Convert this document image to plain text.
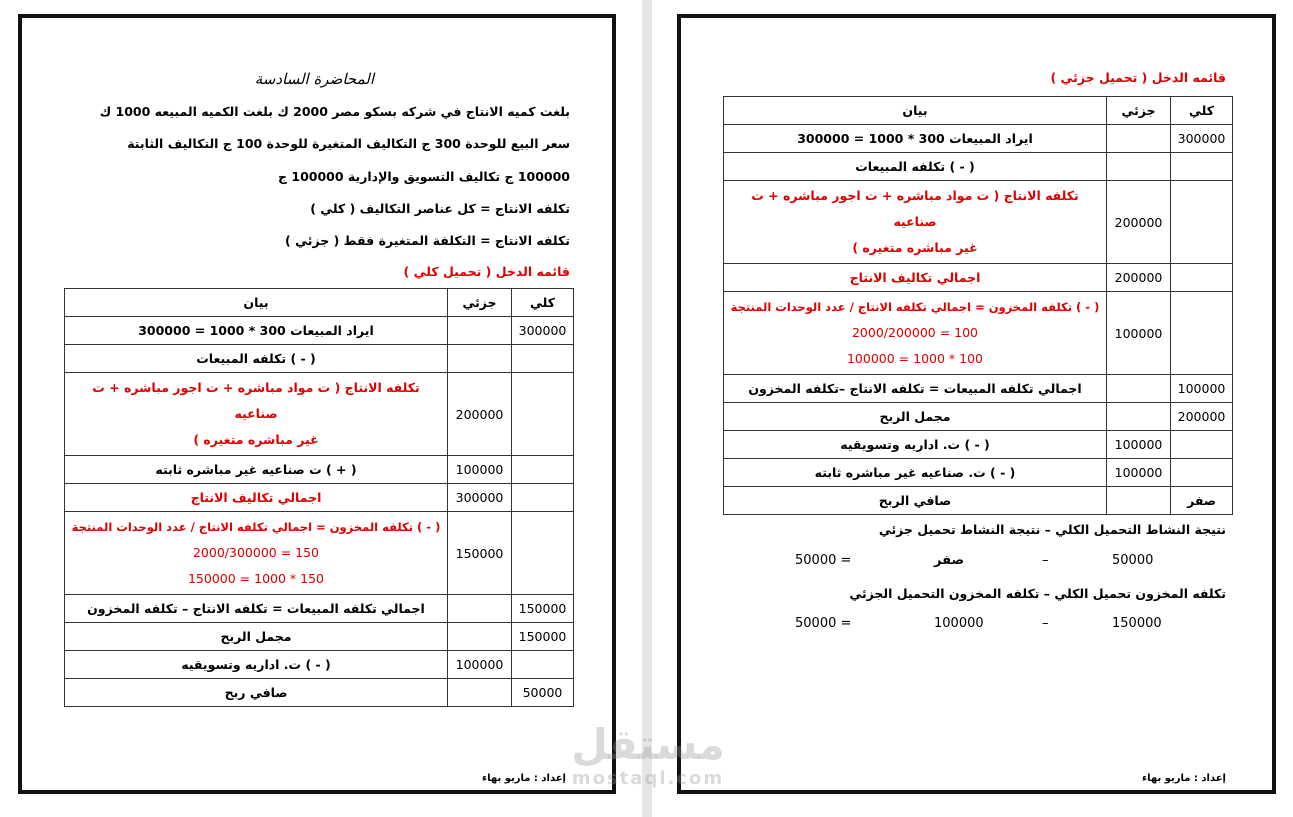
المحاضرة السادسة
بلغت كميه الانتاج في شركه بسكو مصر 2000 ك بلغت الكميه المبيعه 1000 ك
سعر البيع للوحدة 300 ج التكاليف المتغيرة للوحدة 100 ج التكاليف الثابتة
100000 ج تكاليف التسويق والإدارية 100000 ج
تكلفه الانتاج = كل عناصر التكاليف ( كلي )
تكلفه الانتاج = التكلفة المتغيرة فقط ( جزئي )
قائمه الدخل ( تحميل كلي )
كلي	جزئي	بيان
300000		ايراد المبيعات 300 * 1000 = 300000
		( - ) تكلفه المبيعات
	200000	تكلفه الانتاج ( ت مواد مباشره + ت اجور مباشره + ت صناعيه
غير مباشره متغيره )

	100000	( + ) ت صناعيه غير مباشره ثابته
	300000	اجمالي تكاليف الانتاج
	150000	( - ) تكلفه المخزون = اجمالي تكلفه الانتاج / عدد الوحدات المنتجة
150 = 2000/300000
150 * 1000 = 150000

150000		اجمالي تكلفه المبيعات = تكلفه الانتاج – تكلفه المخزون
150000		مجمل الربح
	100000	( - ) ت. اداريه وتسويقيه
50000		صافي ربح
إعداد : ماريو بهاء
قائمه الدخل ( تحميل جزئي )
كلي	جزئي	بيان
300000		ايراد المبيعات 300 * 1000 = 300000
		( - ) تكلفه المبيعات
	200000	تكلفه الانتاج ( ت مواد مباشره + ت اجور مباشره + ت صناعيه
غير مباشره متغيره )

	200000	اجمالي تكاليف الانتاج
	100000	( - ) تكلفه المخزون = اجمالي تكلفه الانتاج / عدد الوحدات المنتجة
100 = 2000/200000
100 * 1000 = 100000

100000		اجمالي تكلفه المبيعات = تكلفه الانتاج –تكلفه المخزون
200000		مجمل الربح
	100000	( - ) ت. اداريه وتسويقيه
	100000	( - ) ت. صناعيه غير مباشره ثابته
صفر		صافي الربح
نتيجة النشاط التحميل الكلي – نتيجة النشاط تحميل جزئي
50000
–
صفر
= 50000
تكلفه المخزون تحميل الكلي – تكلفه المخزون التحميل الجزئي
150000
–
100000
= 50000
إعداد : ماريو بهاء
مستقل
mostaql.com
